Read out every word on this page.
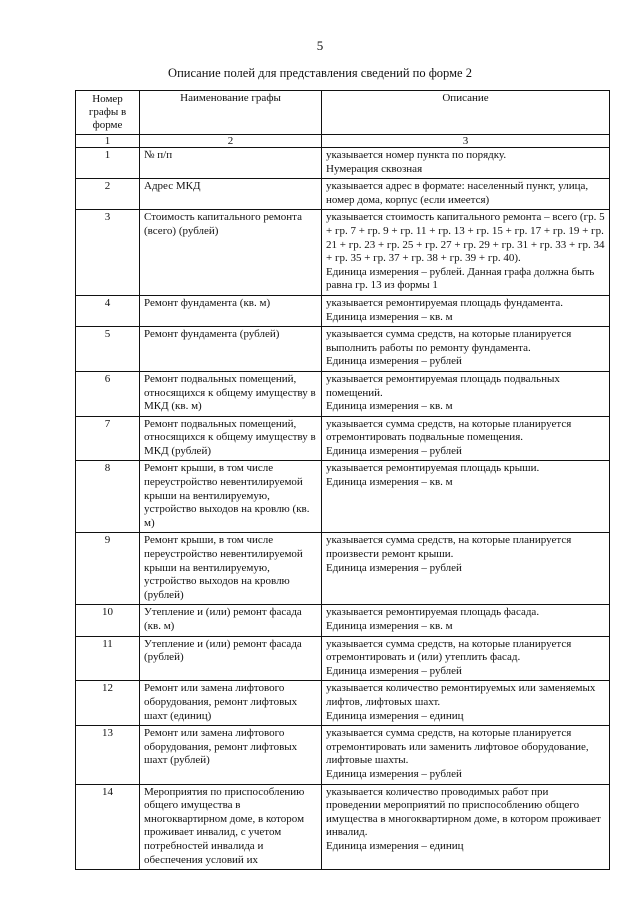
5
Описание полей для представления сведений по форме 2
Номер графы в форме	Наименование графы	Описание
1	2	3
1	№ п/п	указывается номер пункта по порядку.
Нумерация сквозная

2	Адрес МКД	указывается адрес в формате: населенный пункт, улица, номер дома, корпус (если имеется)

3	Стоимость капитального ремонта (всего) (рублей)	указывается стоимость капитального ремонта – всего (гр. 5 + гр. 7 + гр. 9 + гр. 11 + гр. 13 + гр. 15 + гр. 17 + гр. 19 + гр. 21 + гр. 23 + гр. 25 + гр. 27 + гр. 29 + гр. 31 + гр. 33 + гр. 34 + гр. 35 + гр. 37 + гр. 38 + гр. 39 + гр. 40).
Единица измерения – рублей. Данная графа должна быть равна гр. 13 из формы 1

4	Ремонт фундамента (кв. м)	указывается ремонтируемая площадь фундамента.
Единица измерения – кв. м

5	Ремонт фундамента (рублей)	указывается сумма средств, на которые планируется выполнить работы по ремонту фундамента.
Единица измерения – рублей

6	Ремонт подвальных помещений, относящихся к общему имуществу в МКД (кв. м)	указывается ремонтируемая площадь подвальных помещений.
Единица измерения – кв. м

7	Ремонт подвальных помещений, относящихся к общему имуществу в МКД (рублей)	указывается сумма средств, на которые планируется отремонтировать подвальные помещения.
Единица измерения – рублей

8	Ремонт крыши, в том числе переустройство невентилируемой крыши на вентилируемую, устройство выходов на кровлю (кв. м)	указывается ремонтируемая площадь крыши.
Единица измерения – кв. м

9	Ремонт крыши, в том числе переустройство невентилируемой крыши на вентилируемую, устройство выходов на кровлю (рублей)	указывается сумма средств, на которые планируется произвести ремонт крыши.
Единица измерения – рублей

10	Утепление и (или) ремонт фасада (кв. м)	указывается ремонтируемая площадь фасада.
Единица измерения – кв. м

11	Утепление и (или) ремонт фасада (рублей)	указывается сумма средств, на которые планируется отремонтировать и (или) утеплить фасад.
Единица измерения – рублей

12	Ремонт или замена лифтового оборудования, ремонт лифтовых шахт (единиц)	указывается количество ремонтируемых или заменяемых лифтов, лифтовых шахт.
Единица измерения – единиц

13	Ремонт или замена лифтового оборудования, ремонт лифтовых шахт (рублей)	указывается сумма средств, на которые планируется отремонтировать или заменить лифтовое оборудование, лифтовые шахты.
Единица измерения – рублей

14	Мероприятия по приспособлению общего имущества в многоквартирном доме, в котором проживает инвалид, с учетом потребностей инвалида и обеспечения условий их	указывается количество проводимых работ при проведении мероприятий по приспособлению общего имущества в многоквартирном доме, в котором проживает инвалид.
Единица измерения – единиц
